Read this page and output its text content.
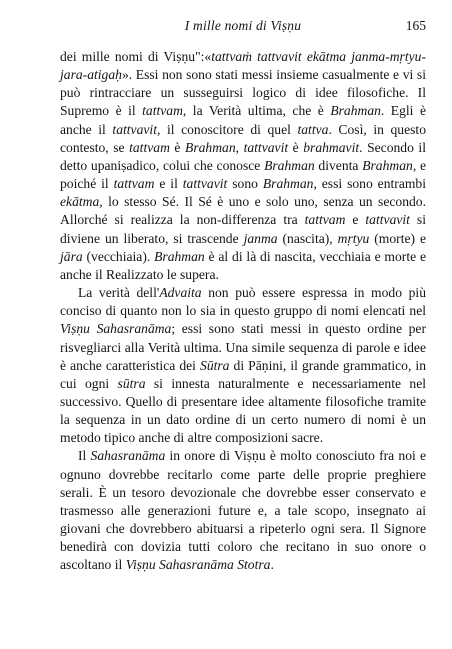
I mille nomi di Viṣṇu	165

dei mille nomi di Viṣṇu":«tattvaṁ tattvavit ekātma janma-mṛtyu-jara-atigaḥ». Essi non sono stati messi insieme casualmente e vi si può rintracciare un susseguirsi logico di idee filosofiche. Il Supremo è il tattvam, la Verità ultima, che è Brahman. Egli è anche il tattvavit, il conoscitore di quel tattva. Così, in questo contesto, se tattvam è Brahman, tattvavit è brahmavit. Secondo il detto upaniṣadico, colui che conosce Brahman diventa Brahman, e poiché il tattvam e il tattvavit sono Brahman, essi sono entrambi ekātma, lo stesso Sé. Il Sé è uno e solo uno, senza un secondo. Allorché si realizza la non-differenza tra tattvam e tattvavit si diviene un liberato, si trascende janma (nascita), mṛtyu (morte) e jāra (vecchiaia). Brahman è al di là di nascita, vecchiaia e morte e anche il Realizzato le supera.

La verità dell'Advaita non può essere espressa in modo più conciso di quanto non lo sia in questo gruppo di nomi elencati nel Viṣṇu Sahasranāma; essi sono stati messi in questo ordine per risvegliarci alla Verità ultima. Una simile sequenza di parole e idee è anche caratteristica dei Sūtra di Pāṇini, il grande grammatico, in cui ogni sūtra si innesta naturalmente e necessariamente nel successivo. Quello di presentare idee altamente filosofiche tramite la sequenza in un dato ordine di un certo numero di nomi è un metodo tipico anche di altre composizioni sacre.

Il Sahasranāma in onore di Viṣṇu è molto conosciuto fra noi e ognuno dovrebbe recitarlo come parte delle proprie preghiere serali. È un tesoro devozionale che dovrebbe esser conservato e trasmesso alle generazioni future e, a tale scopo, insegnato ai giovani che dovrebbero abituarsi a ripeterlo ogni sera. Il Signore benedirà con dovizia tutti coloro che recitano in suo onore o ascoltano il Viṣṇu Sahasranāma Stotra.
